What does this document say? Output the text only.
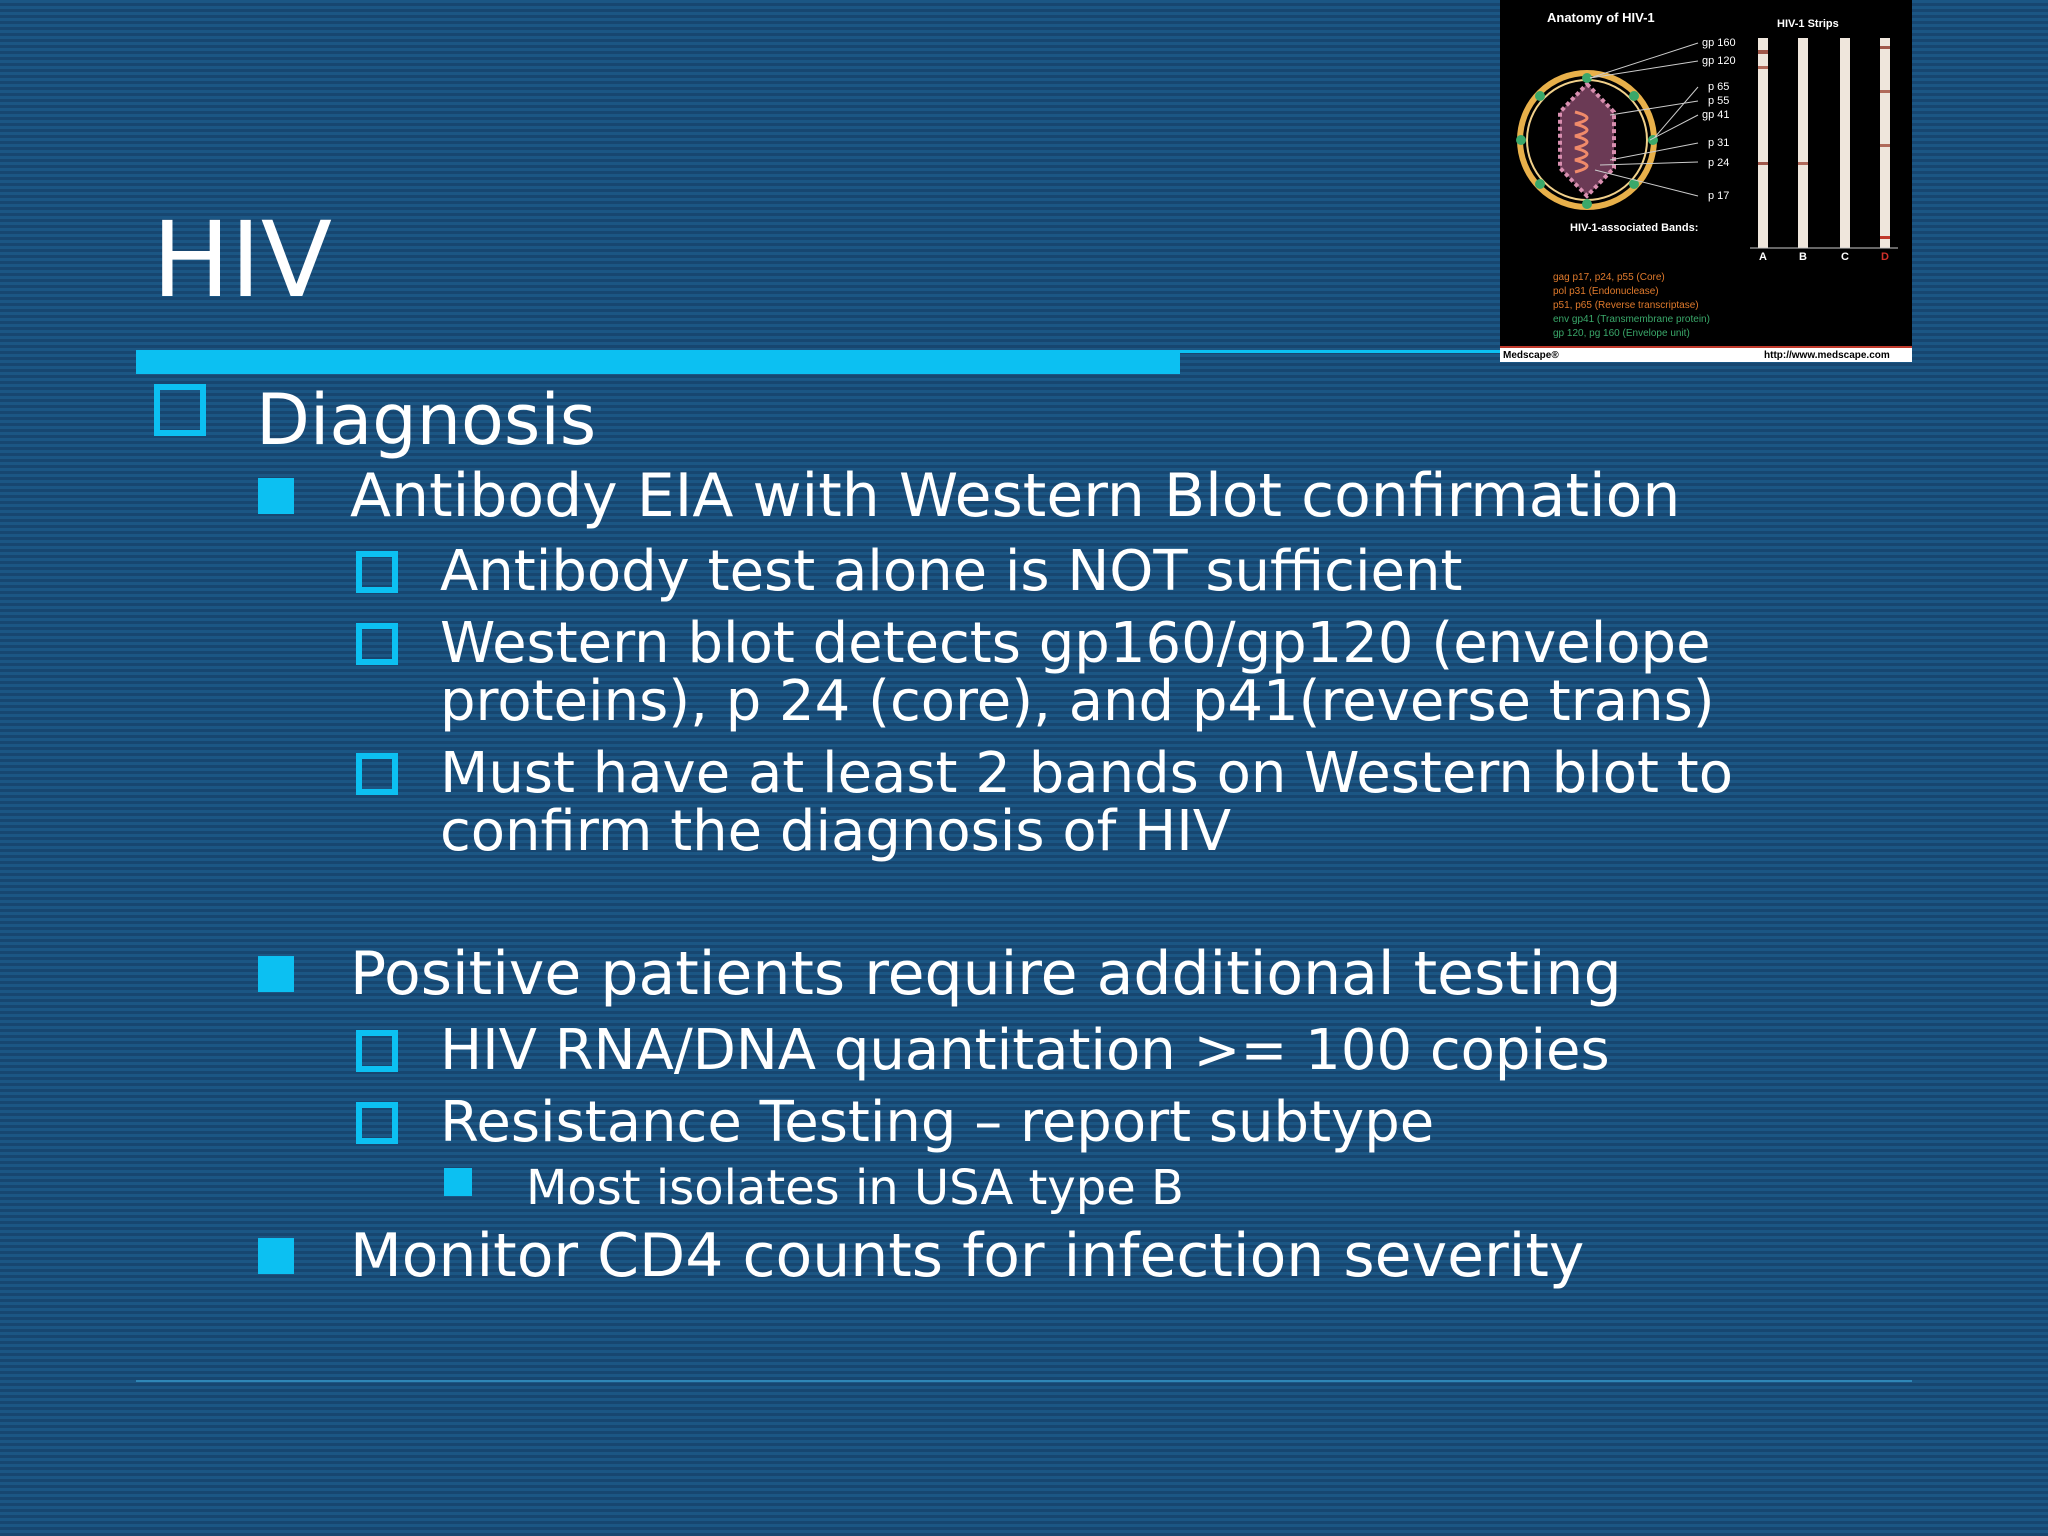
HIV
Anatomy of HIV-1	HIV-1 Strips
gp 160
gp 120
p 65
p 55
gp 41
p 31
p 24
p 17
HIV-1-associated Bands:
A	B	C	D
gag p17, p24, p55 (Core)
pol p31 (Endonuclease)
p51, p65 (Reverse transcriptase)
env gp41 (Transmembrane protein)
gp 120, pg 160 (Envelope unit)
Medscape®	http://www.medscape.com
Diagnosis
Antibody EIA with Western Blot confirmation
Antibody test alone is NOT sufficient
Western blot detects gp160/gp120 (envelope
proteins), p 24 (core), and p41(reverse trans)
Must have at least 2 bands on Western blot to
confirm the diagnosis of HIV
Positive patients require additional testing
HIV RNA/DNA quantitation >= 100 copies
Resistance Testing – report subtype
Most isolates in USA type B
Monitor CD4 counts for infection severity
